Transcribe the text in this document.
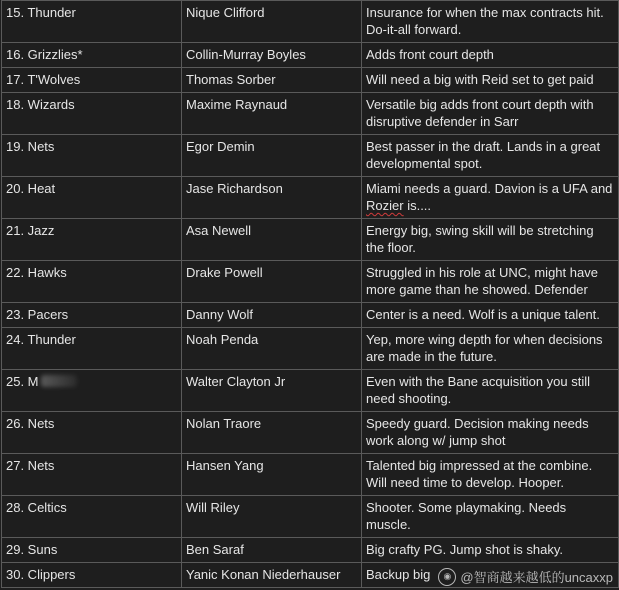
15. Thunder	Nique Clifford	Insurance for when the max contracts hit. Do-it-all forward.
16. Grizzlies*	Collin-Murray Boyles	Adds front court depth
17. T'Wolves	Thomas Sorber	Will need a big with Reid set to get paid
18. Wizards	Maxime Raynaud	Versatile big adds front court depth with disruptive defender in Sarr
19. Nets	Egor Demin	Best passer in the draft. Lands in a great developmental spot.
20. Heat	Jase Richardson	Miami needs a guard. Davion is a UFA and Rozier is....
21. Jazz	Asa Newell	Energy big, swing skill will be stretching the floor.
22. Hawks	Drake Powell	Struggled in his role at UNC, might have more game than he showed. Defender
23. Pacers	Danny Wolf	Center is a need. Wolf is a unique talent.
24. Thunder	Noah Penda	Yep, more wing depth for when decisions are made in the future.
25. M	Walter Clayton Jr	Even with the Bane acquisition you still need shooting.
26. Nets	Nolan Traore	Speedy guard. Decision making needs work along w/ jump shot
27. Nets	Hansen Yang	Talented big impressed at the combine. Will need time to develop. Hooper.
28. Celtics	Will Riley	Shooter. Some playmaking. Needs muscle.
29. Suns	Ben Saraf	Big crafty PG. Jump shot is shaky.
30. Clippers	Yanic Konan Niederhauser	Backup big	◉ @智商越来越低的uncaxxp
